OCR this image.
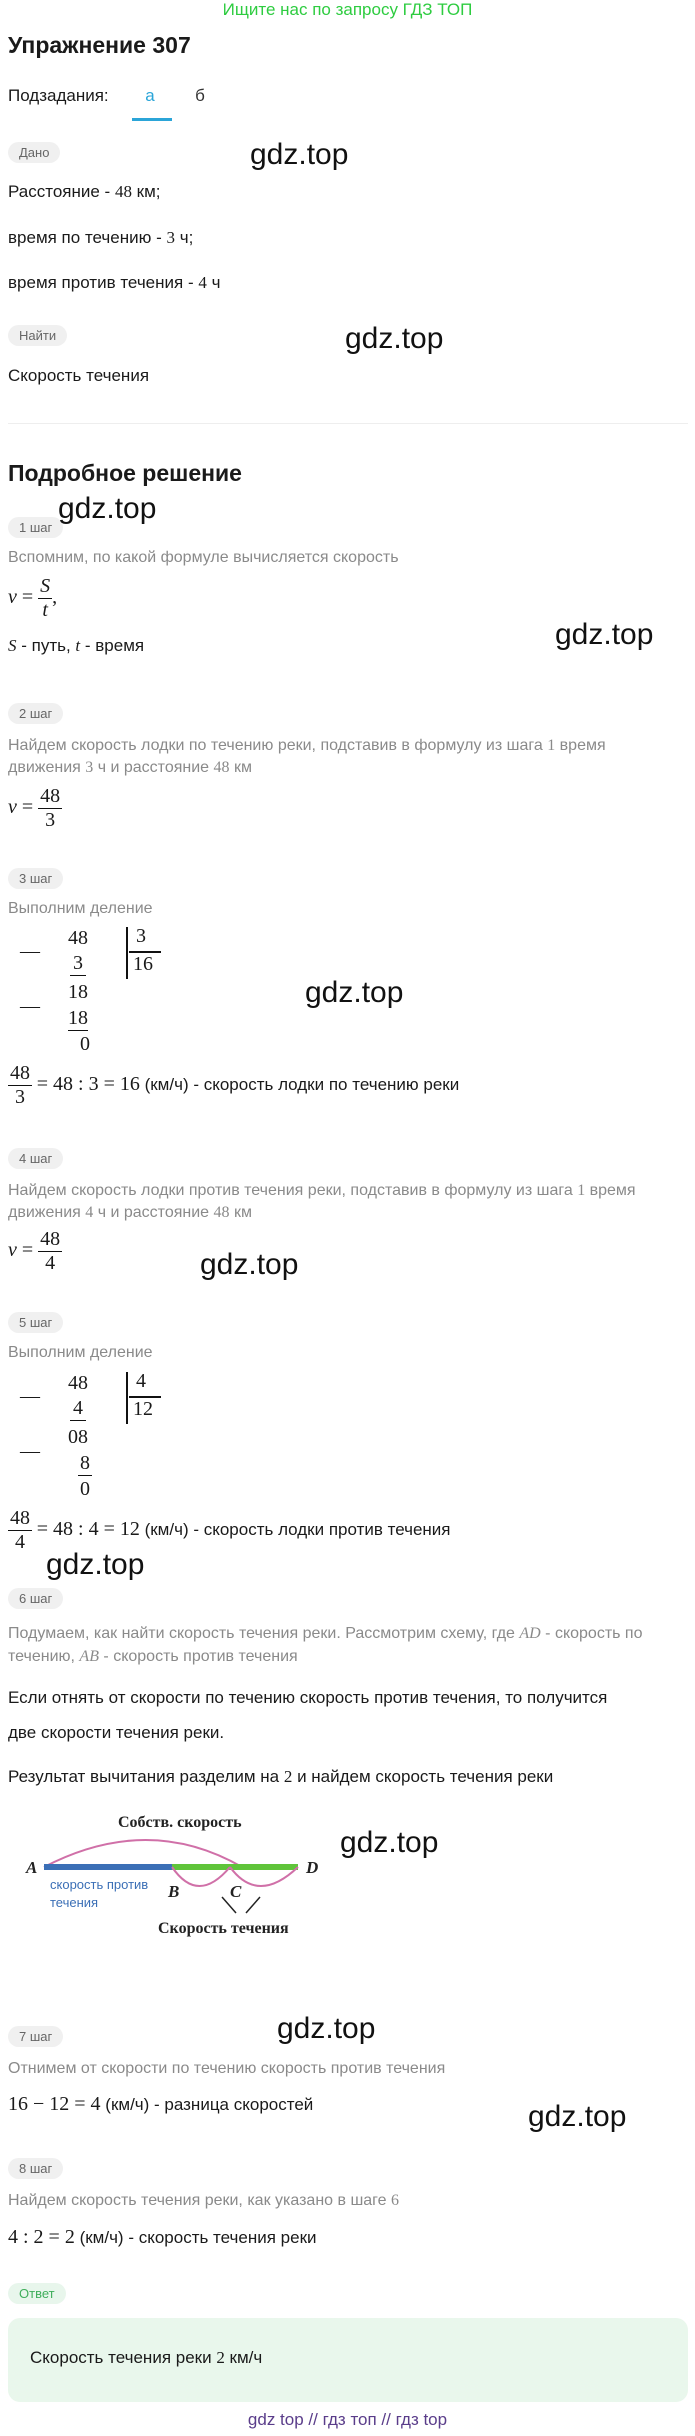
Ищите нас по запросу ГДЗ ТОП
Упражнение 307
Подзадания:	а	б
Дано
Расстояние - 48 км;
время по течению - 3 ч;
время против течения - 4 ч
Найти
Скорость течения
Подробное решение
1 шаг
Вспомним, по какой формуле вычисляется скорость
$v = \frac{S}{t}$ ,
S - путь, t - время
2 шаг
Найдем скорость лодки по течению реки, подставив в формулу из шага 1 время
движения 3 ч и расстояние 48 км
$v = \frac{48}{3}$
3 шаг
Выполним деление
—
—
48
3
18
18
0
3
16
$\frac{48}{3} = 48$ : 3 = 16 (км/ч) - скорость лодки по течению реки
4 шаг
Найдем скорость лодки против течения реки, подставив в формулу из шага 1 время
движения 4 ч и расстояние 48 км
$v = \frac{48}{4}$
5 шаг
Выполним деление
—
—
48
4
08
8
0
4
12
$\frac{48}{4} = 48$ : 4 = 12 (км/ч) - скорость лодки против течения
6 шаг
Подумаем, как найти скорость течения реки. Рассмотрим схему, где AD - скорость по
течению, AB - скорость против течения
Если отнять от скорости по течению скорость против течения, то получится
две скорости течения реки.
Результат вычитания разделим на 2 и найдем скорость течения реки
Собств. скорость
A
B	C
D
скорость против
течения
Скорость течения
7 шаг
Отнимем от скорости по течению скорость против течения
16 − 12 = 4 (км/ч) - разница скоростей
8 шаг
Найдем скорость течения реки, как указано в шаге 6
4 : 2 = 2 (км/ч) - скорость течения реки
Ответ
Скорость течения реки 2 км/ч
gdz.top
gdz.top
gdz.top
gdz.top
gdz.top
gdz.top
gdz.top
gdz.top
gdz.top
gdz.top
gdz top // гдз топ // гдз top
